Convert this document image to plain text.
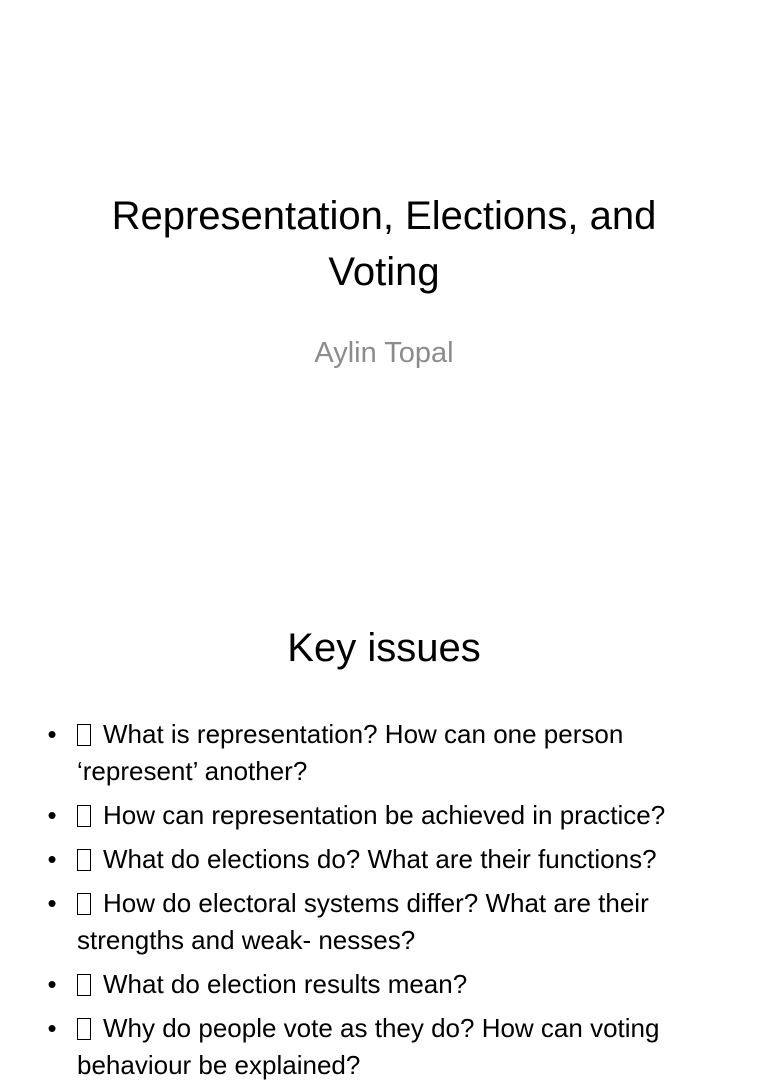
Representation, Elections, and
Voting

Aylin Topal

Key issues
• What is representation? How can one person ‘represent’ another?
• How can representation be achieved in practice?
• What do elections do? What are their functions?
• How do electoral systems differ? What are their strengths and weak- nesses?
• What do election results mean?
• Why do people vote as they do? How can voting behaviour be explained?
